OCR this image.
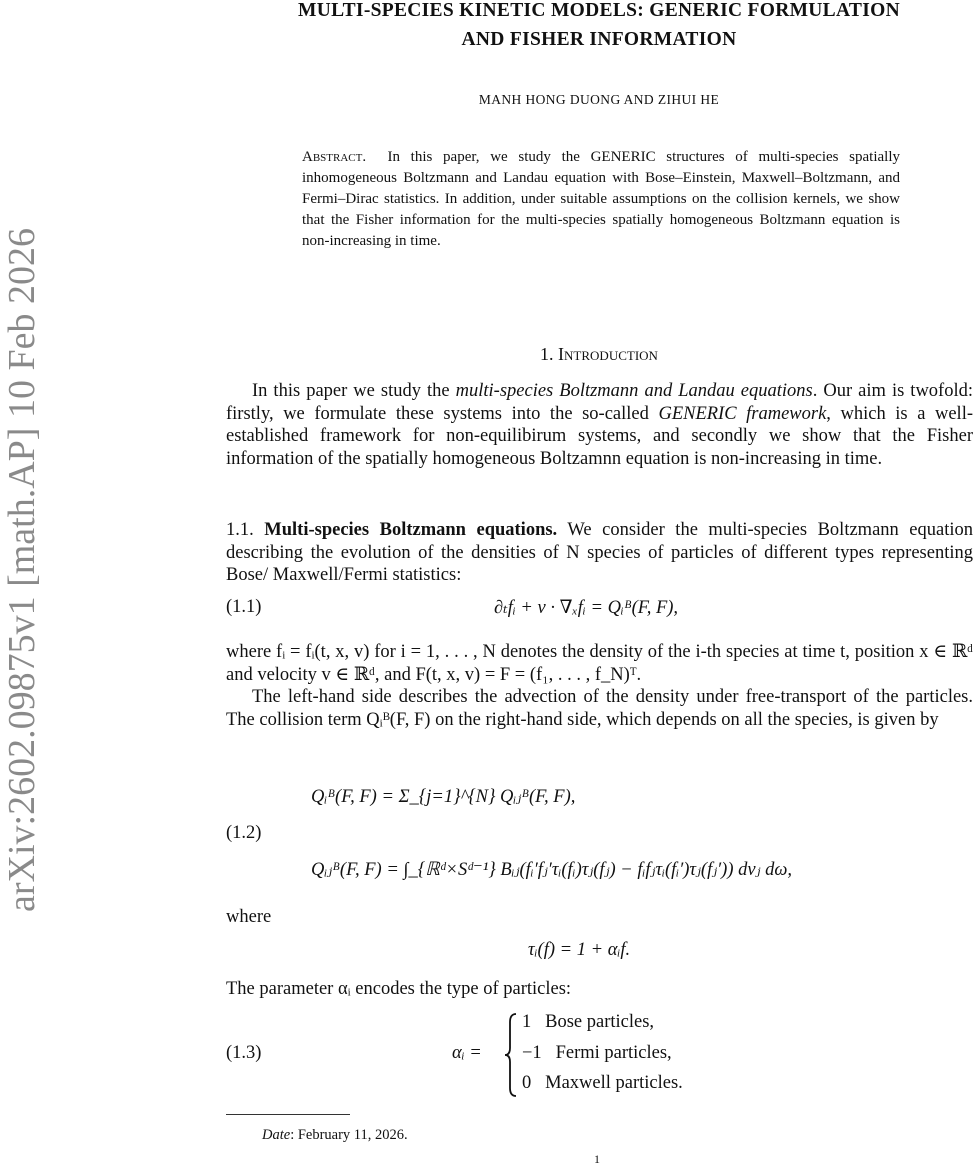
arXiv:2602.09875v1 [math.AP] 10 Feb 2026
MULTI-SPECIES KINETIC MODELS: GENERIC FORMULATION
AND FISHER INFORMATION
MANH HONG DUONG AND ZIHUI HE
Abstract. In this paper, we study the GENERIC structures of multi-species spatially inhomogeneous Boltzmann and Landau equation with Bose–Einstein, Maxwell–Boltzmann, and Fermi–Dirac statistics. In addition, under suitable assumptions on the collision kernels, we show that the Fisher information for the multi-species spatially homogeneous Boltzmann equation is non-increasing in time.
1. Introduction
In this paper we study the multi-species Boltzmann and Landau equations. Our aim is twofold: firstly, we formulate these systems into the so-called GENERIC framework, which is a well-established framework for non-equilibirum systems, and secondly we show that the Fisher information of the spatially homogeneous Boltzamnn equation is non-increasing in time.
1.1. Multi-species Boltzmann equations. We consider the multi-species Boltzmann equation describing the evolution of the densities of N species of particles of different types representing Bose/ Maxwell/Fermi statistics:
(1.1)	∂ₜfᵢ + v · ∇ₓfᵢ = Qᵢᴮ(F, F),

where fᵢ = fᵢ(t, x, v) for i = 1, . . . , N denotes the density of the i-th species at time t, position x ∈ ℝᵈ and velocity v ∈ ℝᵈ, and F(t, x, v) = F = (f₁, . . . , f_N)ᵀ.

The left-hand side describes the advection of the density under free-transport of the particles. The collision term Qᵢᴮ(F, F) on the right-hand side, which depends on all the species, is given by

(1.2)
Qᵢᴮ(F, F) = Σ_{j=1}^{N} Qᵢⱼᴮ(F, F),
Qᵢⱼᴮ(F, F) = ∫_{ℝᵈ×Sᵈ⁻¹} Bᵢⱼ(fᵢ′fⱼ′τᵢ(fᵢ)τⱼ(fⱼ) − fᵢfⱼτᵢ(fᵢ′)τⱼ(fⱼ′)) dvⱼ dω,
where
τᵢ(f) = 1 + αᵢf.
The parameter αᵢ encodes the type of particles:
(1.3)	αᵢ =
1 Bose particles,
−1 Fermi particles,
0 Maxwell particles.
Date: February 11, 2026.
1
